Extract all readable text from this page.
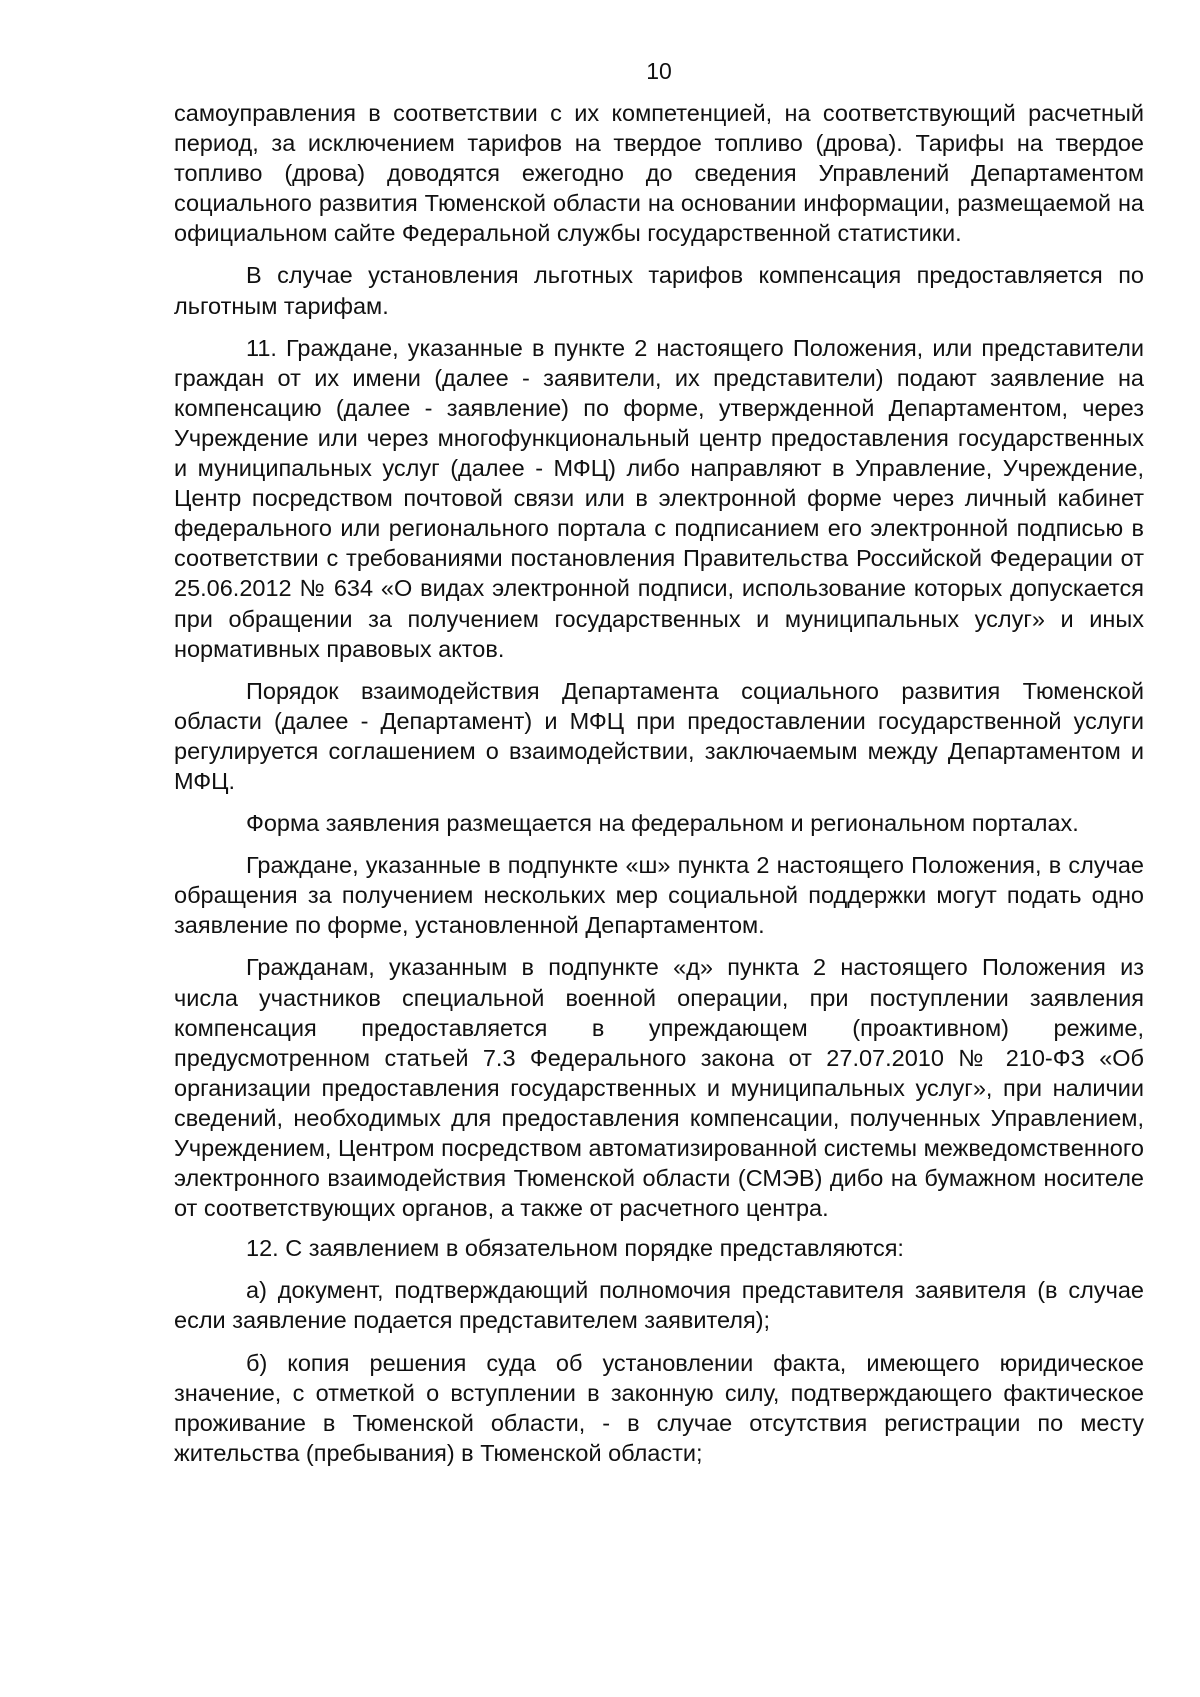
10

самоуправления в соответствии с их компетенцией, на соответствующий расчетный период, за исключением тарифов на твердое топливо (дрова). Тарифы на твердое топливо (дрова) доводятся ежегодно до сведения Управлений Департаментом социального развития Тюменской области на основании информации, размещаемой на официальном сайте Федеральной службы государственной статистики.

В случае установления льготных тарифов компенсация предоставляется по льготным тарифам.

11. Граждане, указанные в пункте 2 настоящего Положения, или представители граждан от их имени (далее - заявители, их представители) подают заявление на компенсацию (далее - заявление) по форме, утвержденной Департаментом, через Учреждение или через многофункциональный центр предоставления государственных и муниципальных услуг (далее - МФЦ) либо направляют в Управление, Учреждение, Центр посредством почтовой связи или в электронной форме через личный кабинет федерального или регионального портала с подписанием его электронной подписью в соответствии с требованиями постановления Правительства Российской Федерации от 25.06.2012 № 634 «О видах электронной подписи, использование которых допускается при обращении за получением государственных и муниципальных услуг» и иных нормативных правовых актов.

Порядок взаимодействия Департамента социального развития Тюменской области (далее - Департамент) и МФЦ при предоставлении государственной услуги регулируется соглашением о взаимодействии, заключаемым между Департаментом и МФЦ.

Форма заявления размещается на федеральном и региональном порталах.

Граждане, указанные в подпункте «ш» пункта 2 настоящего Положения, в случае обращения за получением нескольких мер социальной поддержки могут подать одно заявление по форме, установленной Департаментом.

Гражданам, указанным в подпункте «д» пункта 2 настоящего Положения из числа участников специальной военной операции, при поступлении заявления компенсация предоставляется в упреждающем (проактивном) режиме, предусмотренном статьей 7.3 Федерального закона от 27.07.2010 № 210-ФЗ «Об организации предоставления государственных и муниципальных услуг», при наличии сведений, необходимых для предоставления компенсации, полученных Управлением, Учреждением, Центром посредством автоматизированной системы межведомственного электронного взаимодействия Тюменской области (СМЭВ) дибо на бумажном носителе от соответствующих органов, а также от расчетного центра.

12. С заявлением в обязательном порядке представляются:

а) документ, подтверждающий полномочия представителя заявителя (в случае если заявление подается представителем заявителя);

б) копия решения суда об установлении факта, имеющего юридическое значение, с отметкой о вступлении в законную силу, подтверждающего фактическое проживание в Тюменской области, - в случае отсутствия регистрации по месту жительства (пребывания) в Тюменской области;
